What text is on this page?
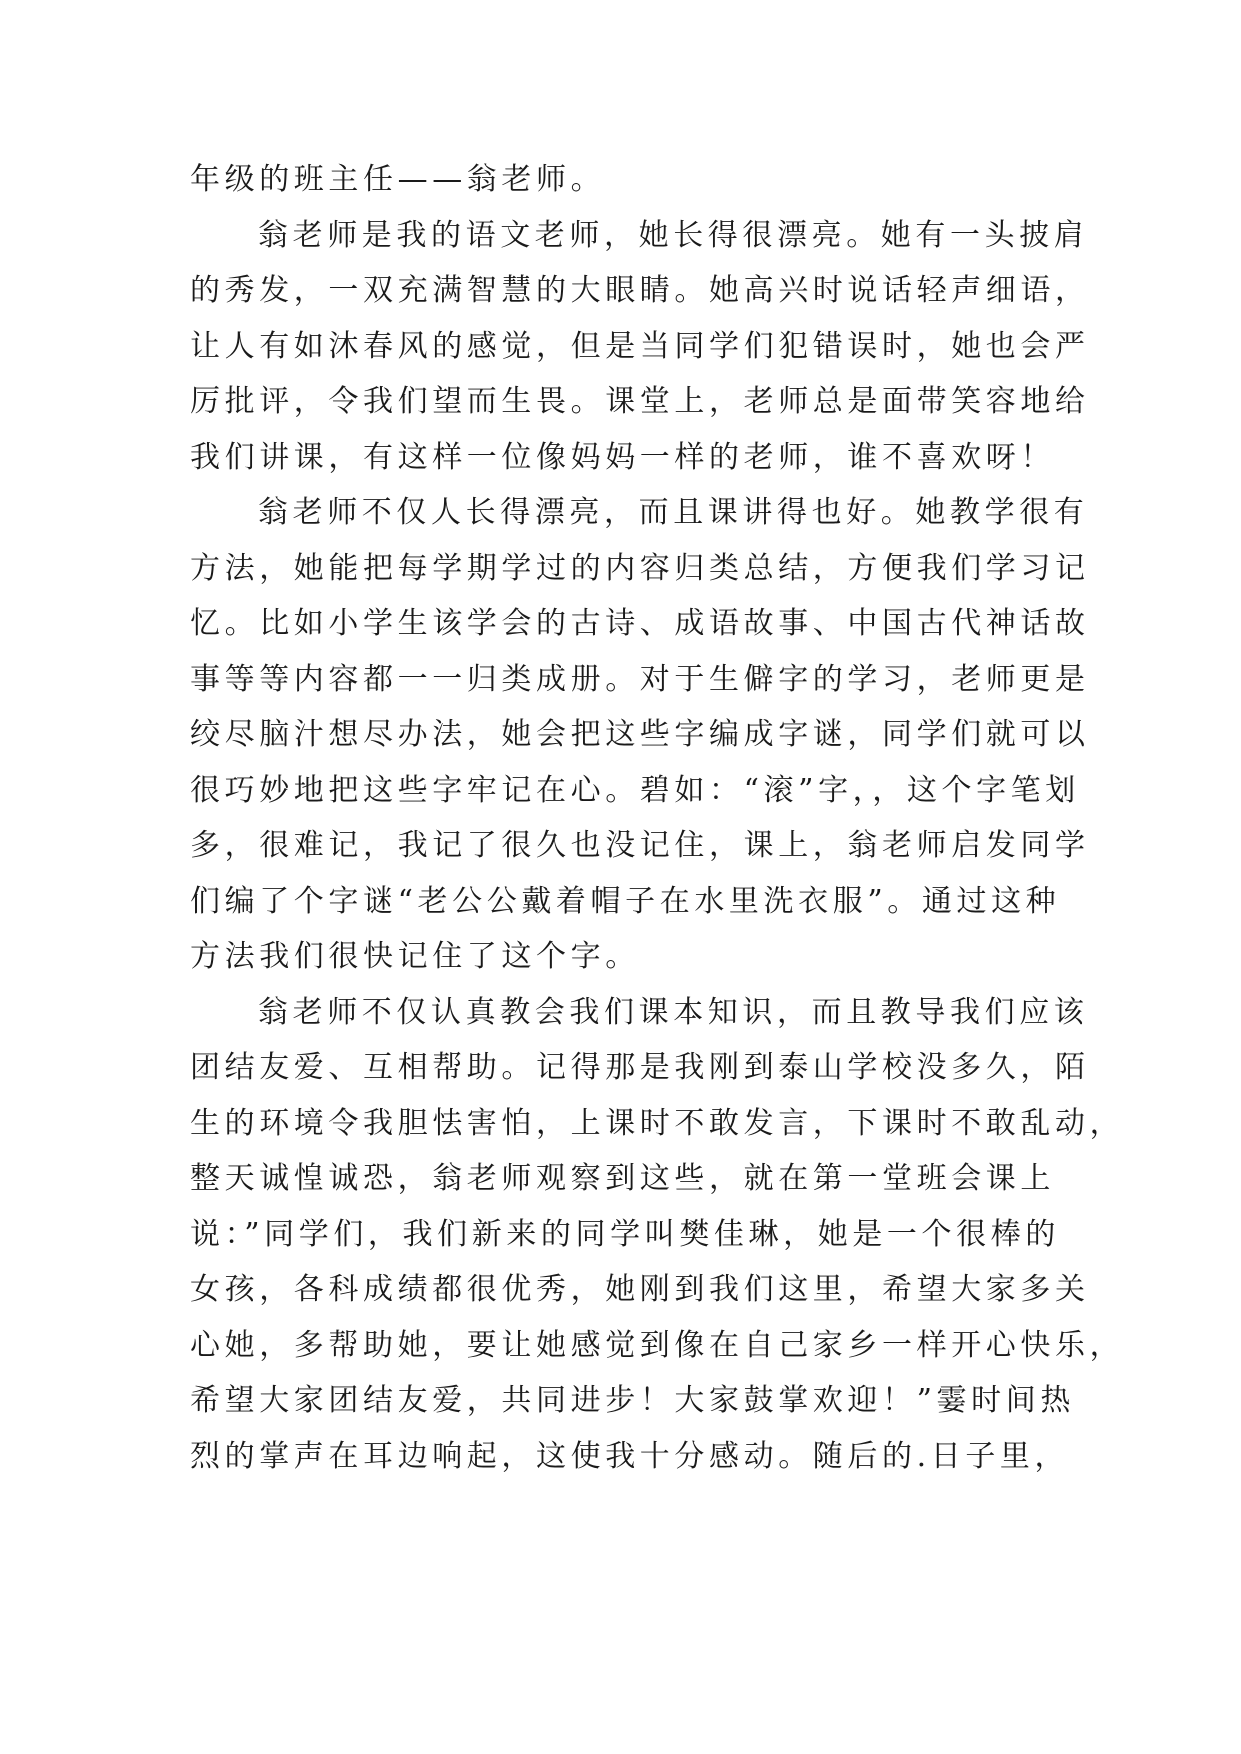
年级的班主任——翁老师。
翁老师是我的语文老师，她长得很漂亮。她有一头披肩
的秀发，一双充满智慧的大眼睛。她高兴时说话轻声细语，
让人有如沐春风的感觉，但是当同学们犯错误时，她也会严
厉批评，令我们望而生畏。课堂上，老师总是面带笑容地给
我们讲课，有这样一位像妈妈一样的老师，谁不喜欢呀！
翁老师不仅人长得漂亮，而且课讲得也好。她教学很有
方法，她能把每学期学过的内容归类总结，方便我们学习记
忆。比如小学生该学会的古诗、成语故事、中国古代神话故
事等等内容都一一归类成册。对于生僻字的学习，老师更是
绞尽脑汁想尽办法，她会把这些字编成字谜，同学们就可以
很巧妙地把这些字牢记在心。碧如：“滚”字，，这个字笔划
多，很难记，我记了很久也没记住，课上，翁老师启发同学
们编了个字谜“老公公戴着帽子在水里洗衣服”。通过这种
方法我们很快记住了这个字。
翁老师不仅认真教会我们课本知识，而且教导我们应该
团结友爱、互相帮助。记得那是我刚到泰山学校没多久，陌
生的环境令我胆怯害怕，上课时不敢发言，下课时不敢乱动，
整天诚惶诚恐，翁老师观察到这些，就在第一堂班会课上
说：”同学们，我们新来的同学叫樊佳琳，她是一个很棒的
女孩，各科成绩都很优秀，她刚到我们这里，希望大家多关
心她，多帮助她，要让她感觉到像在自己家乡一样开心快乐，
希望大家团结友爱，共同进步！大家鼓掌欢迎！”霎时间热
烈的掌声在耳边响起，这使我十分感动。随后的.日子里，
